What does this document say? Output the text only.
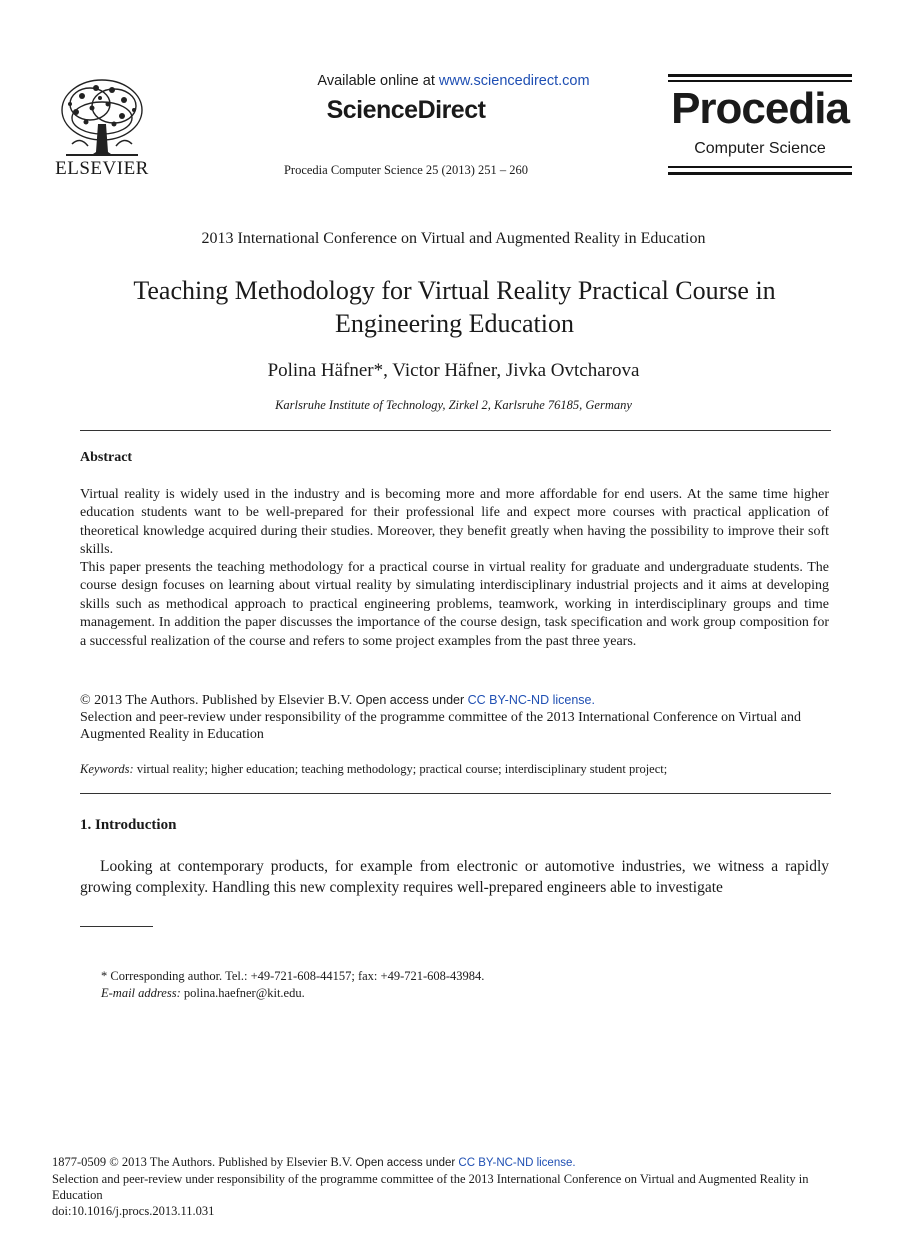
ELSEVIER
Available online at www.sciencedirect.com
ScienceDirect
Procedia Computer Science 25 (2013) 251 – 260
Procedia
Computer Science
2013 International Conference on Virtual and Augmented Reality in Education
Teaching Methodology for Virtual Reality Practical Course in
Engineering Education
Polina Häfner*, Victor Häfner, Jivka Ovtcharova
Karlsruhe Institute of Technology, Zirkel 2, Karlsruhe 76185, Germany
Abstract

Virtual reality is widely used in the industry and is becoming more and more affordable for end users. At the same time higher education students want to be well-prepared for their professional life and expect more courses with practical application of theoretical knowledge acquired during their studies. Moreover, they benefit greatly when having the possibility to improve their soft skills.

This paper presents the teaching methodology for a practical course in virtual reality for graduate and undergraduate students. The course design focuses on learning about virtual reality by simulating interdisciplinary industrial projects and it aims at developing skills such as methodical approach to practical engineering problems, teamwork, working in interdisciplinary groups and time management. In addition the paper discusses the importance of the course design, task specification and work group composition for a successful realization of the course and refers to some project examples from the past three years.

© 2013 The Authors. Published by Elsevier B.V. Open access under CC BY-NC-ND license.
Selection and peer-review under responsibility of the programme committee of the 2013 International Conference on Virtual and Augmented Reality in Education
Keywords: virtual reality; higher education; teaching methodology; practical course; interdisciplinary student project;
1. Introduction

Looking at contemporary products, for example from electronic or automotive industries, we witness a rapidly growing complexity. Handling this new complexity requires well-prepared engineers able to investigate

* Corresponding author. Tel.: +49-721-608-44157; fax: +49-721-608-43984.
E-mail address: polina.haefner@kit.edu.
1877-0509 © 2013 The Authors. Published by Elsevier B.V. Open access under CC BY-NC-ND license.
Selection and peer-review under responsibility of the programme committee of the 2013 International Conference on Virtual and Augmented Reality in Education
doi:10.1016/j.procs.2013.11.031
